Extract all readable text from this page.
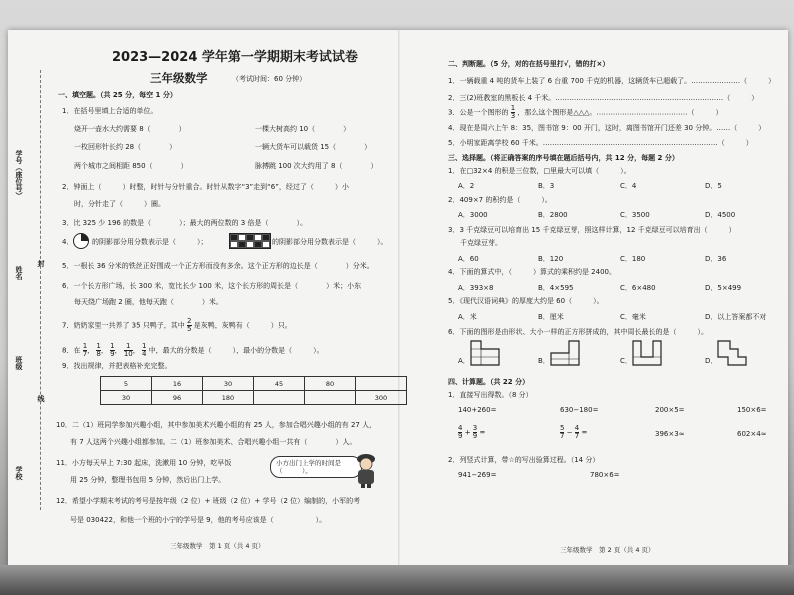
学号（座位号）
姓名
班级
学校
封
线
2023—2024 学年第一学期期末考试试卷
三年级数学	（考试时间：60 分钟）
一、填空题。（共 25 分，每空 1 分）
1．在括号里填上合适的单位。
烧开一壶水大约需要 8（　　　　）	一棵大树高约 10（　　　　）
一枚回形针长约 28（　　　　）	一辆大货车可以载货 15（　　　　）
两个城市之间相距 850（　　　　）	脉搏跳 100 次大约用了 8（　　　　）
2．钟面上（　　　）时整，时针与分针重合。时针从数字“3”走到“6”，经过了（　　　）小
时，分针走了（　　　）圈。
3．比 325 少 196 的数是（　　　　）；最大的两位数的 3 倍是（　　　　）。
4．	的阴影部分用分数表示是（　　　）；	的阴影部分用分数表示是（　　　）。
5．一根长 36 分米的铁丝正好围成一个正方形而没有多余。这个正方形的边长是（　　　　）分米。
6．一个长方形广场，长 300 米，宽比长少 100 米，这个长方形的周长是（　　　　）米；小东
每天绕广场跑 2 圈，他每天跑（　　　　）米。
7．奶奶家里一共养了 35 只鸭子，其中 $\frac{2}{5}$ 是灰鸭，灰鸭有（　　　）只。
8．在 $\frac{1}{7}$ ， $\frac{1}{8}$ ， $\frac{1}{9}$ ， $\frac{1}{10}$ ， $\frac{1}{4}$ 中，最大的分数是（　　　），最小的分数是（　　　）。
9．找出规律，并把表格补充完整。
5	16	30	45	80	
30	96	180			300
10．二（1）班同学参加兴趣小组，其中参加美术兴趣小组的有 25 人，参加合唱兴趣小组的有 27 人，
有 7 人这两个兴趣小组都参加。二（1）班参加美术、合唱兴趣小组一共有（　　　　）人。
11．小方每天早上 7:30 起床，洗漱用 10 分钟，吃早饭
用 25 分钟，整理书包用 5 分钟，然后出门上学。
小方出门上学的时间是（　　　）。
12．希望小学期末考试的考号是按年级（2 位）+ 班级（2 位）+ 学号（2 位）编制的，小军的考
号是 030422，和他一个班的小宁的学号是 9，他的考号应该是（　　　　　　）。
三年级数学　第 1 页（共 4 页）
二、判断题。（5 分，对的在括号里打√，错的打×）
1．一辆载重 4 吨的货车上装了 6 台重 700 千克的机器，这辆货车已超载了。…………………（　　　）
2．三(2)班教室的黑板长 4 千米。………………………………………………………………（　　　）
3．公是一个图形的 $\frac{1}{3}$ ，那么这个图形是△△△。…………………………………（　　　）
4．现在是周六上午 8：35，图书馆 9：00 开门，这时，离图书馆开门还差 30 分钟。……（　　　）
5．小明家距离学校 60 千米。…………………………………………………………………（　　　）
三、选择题。（将正确答案的序号填在题后括号内，共 12 分，每题 2 分）
1．在□32×4 的积是三位数，□里最大可以填（　　　）。
A．2	B．3	C．4	D．5
2．409×7 的积约是（　　　）。
A．3000	B．2800	C．3500	D．4500
3．3 千克绿豆可以培育出 15 千克绿豆芽，照这样计算，12 千克绿豆可以培育出（　　　）
千克绿豆芽。
A．60	B．120	C．180	D．36
4．下面的算式中，（　　　）算式的乘积约是 2400。
A．393×8	B．4×595	C．6×480	D．5×499
5．《现代汉语词典》的厚度大约是 60（　　　）。
A．米	B．厘米	C．毫米	D．以上答案都不对
6．下面的图形是由形状、大小一样的正方形拼成的，其中周长最长的是（　　　）。
A．	B．	C．	D．
四、计算题。（共 22 分）
1．直接写出得数。（8 分）
140+260=	630−180=	200×5=	150×6=
$\frac{4}{9} + \frac{3}{9}$ =	$\frac{5}{7} - \frac{4}{7}$ =	396×3≈	602×4≈
2．列竖式计算，带☆的写出验算过程。（14 分）
941−269=	780×6=
三年级数学　第 2 页（共 4 页）
